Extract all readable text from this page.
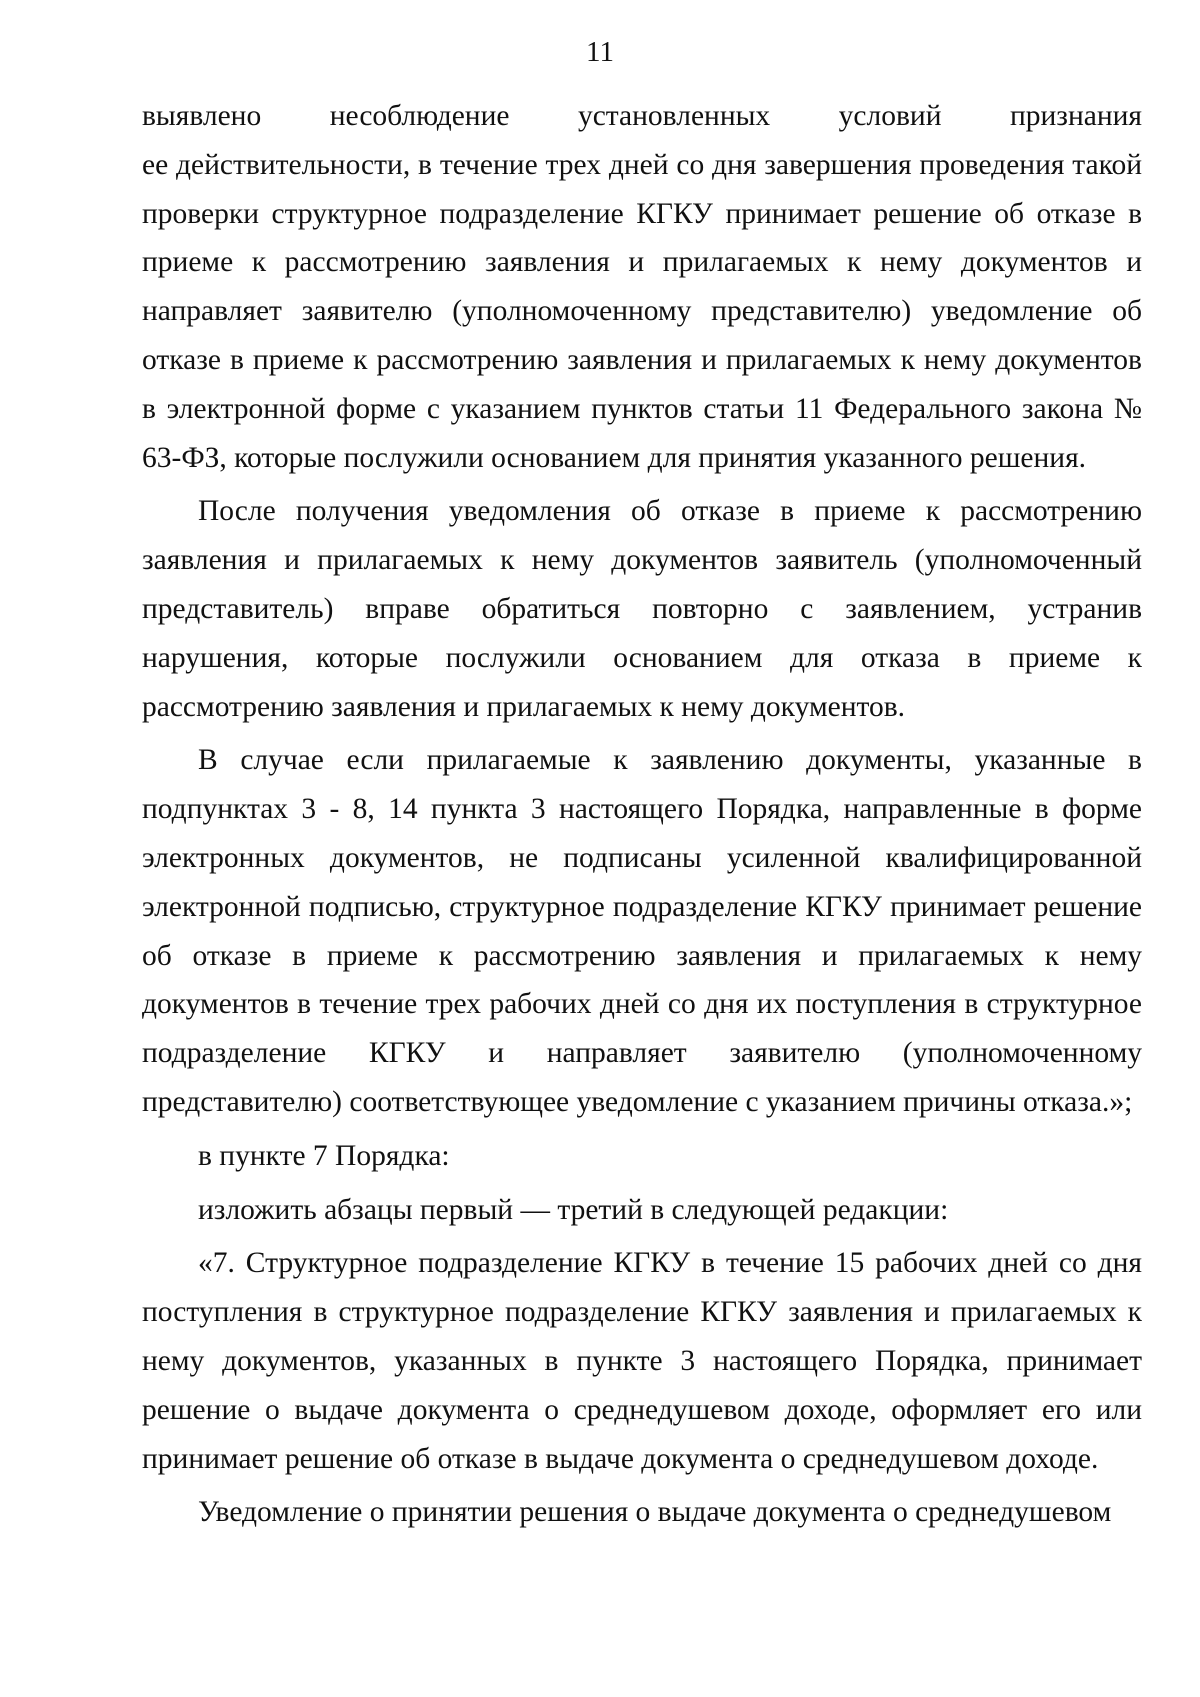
11
выявлено несоблюдение установленных условий признания

ее действительности, в течение трех дней со дня завершения проведения такой проверки структурное подразделение КГКУ принимает решение об отказе в приеме к рассмотрению заявления и прилагаемых к нему документов и направляет заявителю (уполномоченному представителю) уведомление об отказе в приеме к рассмотрению заявления и прилагаемых к нему документов в электронной форме с указанием пунктов статьи 11 Федерального закона № 63-ФЗ, которые послужили основанием для принятия указанного решения.

После получения уведомления об отказе в приеме к рассмотрению заявления и прилагаемых к нему документов заявитель (уполномоченный представитель) вправе обратиться повторно с заявлением, устранив нарушения, которые послужили основанием для отказа в приеме к рассмотрению заявления и прилагаемых к нему документов.

В случае если прилагаемые к заявлению документы, указанные в подпунктах 3 - 8, 14 пункта 3 настоящего Порядка, направленные в форме электронных документов, не подписаны усиленной квалифицированной электронной подписью, структурное подразделение КГКУ принимает решение об отказе в приеме к рассмотрению заявления и прилагаемых к нему документов в течение трех рабочих дней со дня их поступления в структурное подразделение КГКУ и направляет заявителю (уполномоченному представителю) соответствующее уведомление с указанием причины отказа.»;

в пункте 7 Порядка:

изложить абзацы первый — третий в следующей редакции:

«7. Структурное подразделение КГКУ в течение 15 рабочих дней со дня поступления в структурное подразделение КГКУ заявления и прилагаемых к нему документов, указанных в пункте 3 настоящего Порядка, принимает решение о выдаче документа о среднедушевом доходе, оформляет его или принимает решение об отказе в выдаче документа о среднедушевом доходе.

Уведомление о принятии решения о выдаче документа о среднедушевом
